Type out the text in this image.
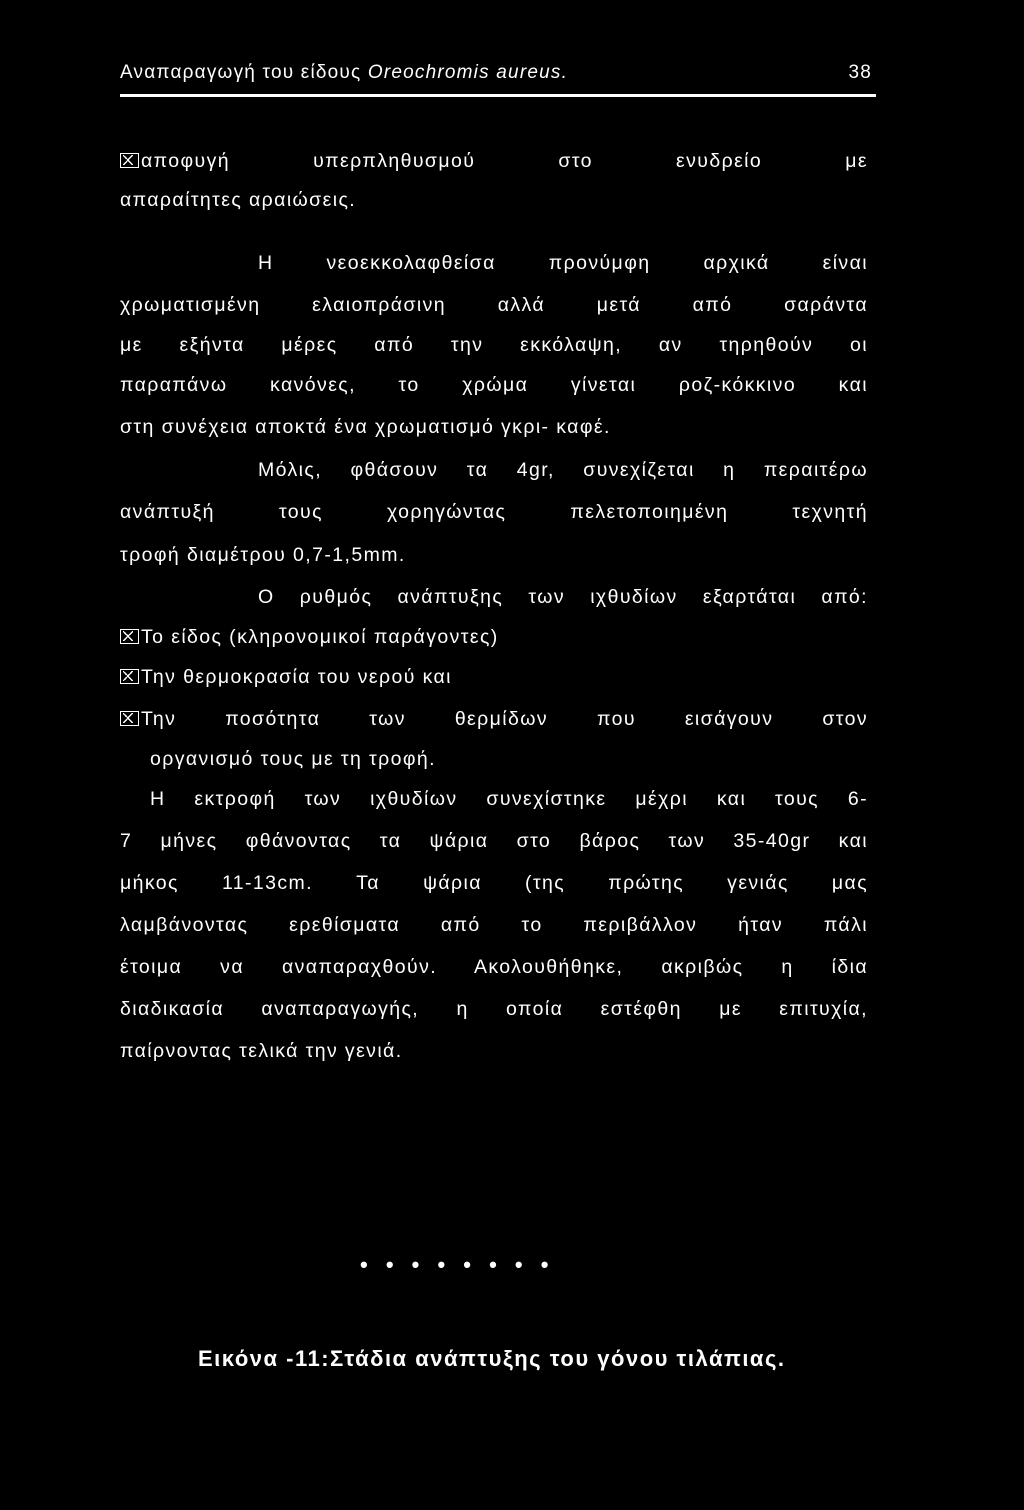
Αναπαραγωγή του είδους Oreochromis aureus.	38
αποφυγή υπερπληθυσμού στο ενυδρείο με
απαραίτητες αραιώσεις.
Η νεοεκκολαφθείσα προνύμφη αρχικά είναι
χρωματισμένη ελαιοπράσινη αλλά μετά από σαράντα
με εξήντα μέρες από την εκκόλαψη, αν τηρηθούν οι
παραπάνω κανόνες, το χρώμα γίνεται ροζ-κόκκινο και
στη συνέχεια αποκτά ένα χρωματισμό γκρι- καφέ.
Μόλις, φθάσουν τα 4gr, συνεχίζεται η περαιτέρω
ανάπτυξή τους χορηγώντας πελετοποιημένη τεχνητή
τροφή διαμέτρου 0,7-1,5mm.
Ο ρυθμός ανάπτυξης των ιχθυδίων εξαρτάται από:
Το είδος (κληρονομικοί παράγοντες)
Την θερμοκρασία του νερού και
Την ποσότητα των θερμίδων που εισάγουν στον
οργανισμό τους με τη τροφή.
Η εκτροφή των ιχθυδίων συνεχίστηκε μέχρι και τους 6-
7 μήνες φθάνοντας τα ψάρια στο βάρος των 35-40gr και
μήκος 11-13cm. Τα ψάρια (της πρώτης γενιάς μας
λαμβάνοντας ερεθίσματα από το περιβάλλον ήταν πάλι
έτοιμα να αναπαραχθούν. Ακολουθήθηκε, ακριβώς η ίδια
διαδικασία αναπαραγωγής, η οποία εστέφθη με επιτυχία,
παίρνοντας τελικά την γενιά.
• • • • • • • •
Εικόνα -11:Στάδια ανάπτυξης του γόνου τιλάπιας.
